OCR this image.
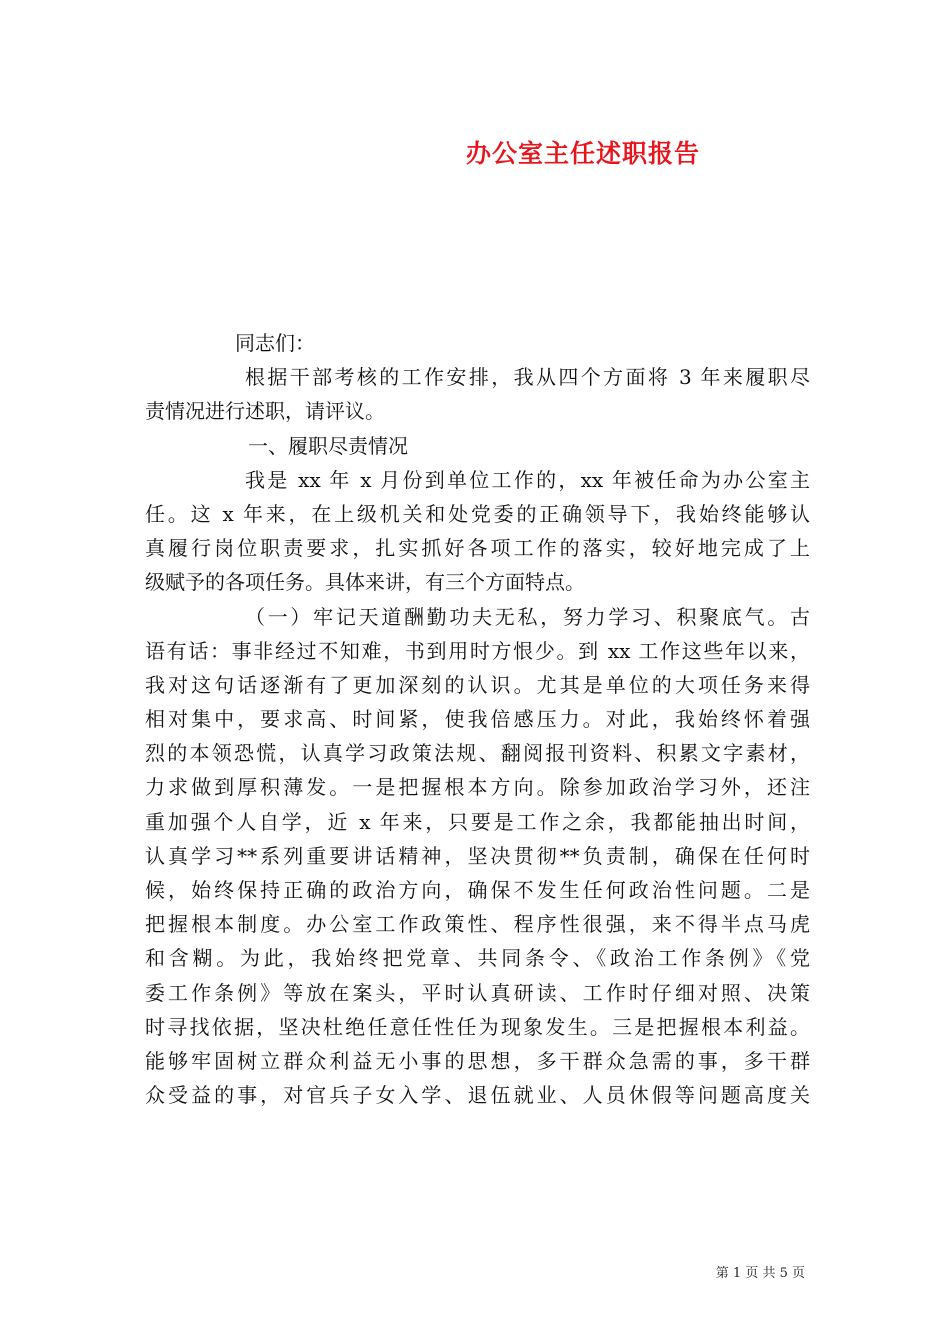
办公室主任述职报告
同志们：
根据干部考核的工作安排，我从四个方面将 3 年来履职尽
责情况进行述职，请评议。
一、履职尽责情况
我是 xx 年 x 月份到单位工作的，xx 年被任命为办公室主
任。这 x 年来，在上级机关和处党委的正确领导下，我始终能够认
真履行岗位职责要求，扎实抓好各项工作的落实，较好地完成了上
级赋予的各项任务。具体来讲，有三个方面特点。
（一）牢记天道酬勤功夫无私，努力学习、积聚底气。古
语有话：事非经过不知难，书到用时方恨少。到 xx 工作这些年以来，
我对这句话逐渐有了更加深刻的认识。尤其是单位的大项任务来得
相对集中，要求高、时间紧，使我倍感压力。对此，我始终怀着强
烈的本领恐慌，认真学习政策法规、翻阅报刊资料、积累文字素材，
力求做到厚积薄发。一是把握根本方向。除参加政治学习外，还注
重加强个人自学，近 x 年来，只要是工作之余，我都能抽出时间，
认真学习**系列重要讲话精神，坚决贯彻**负责制，确保在任何时
候，始终保持正确的政治方向，确保不发生任何政治性问题。二是
把握根本制度。办公室工作政策性、程序性很强，来不得半点马虎
和含糊。为此，我始终把党章、共同条令、《政治工作条例》《党
委工作条例》等放在案头，平时认真研读、工作时仔细对照、决策
时寻找依据，坚决杜绝任意任性任为现象发生。三是把握根本利益。
能够牢固树立群众利益无小事的思想，多干群众急需的事，多干群
众受益的事，对官兵子女入学、退伍就业、人员休假等问题高度关
第 1 页 共 5 页
